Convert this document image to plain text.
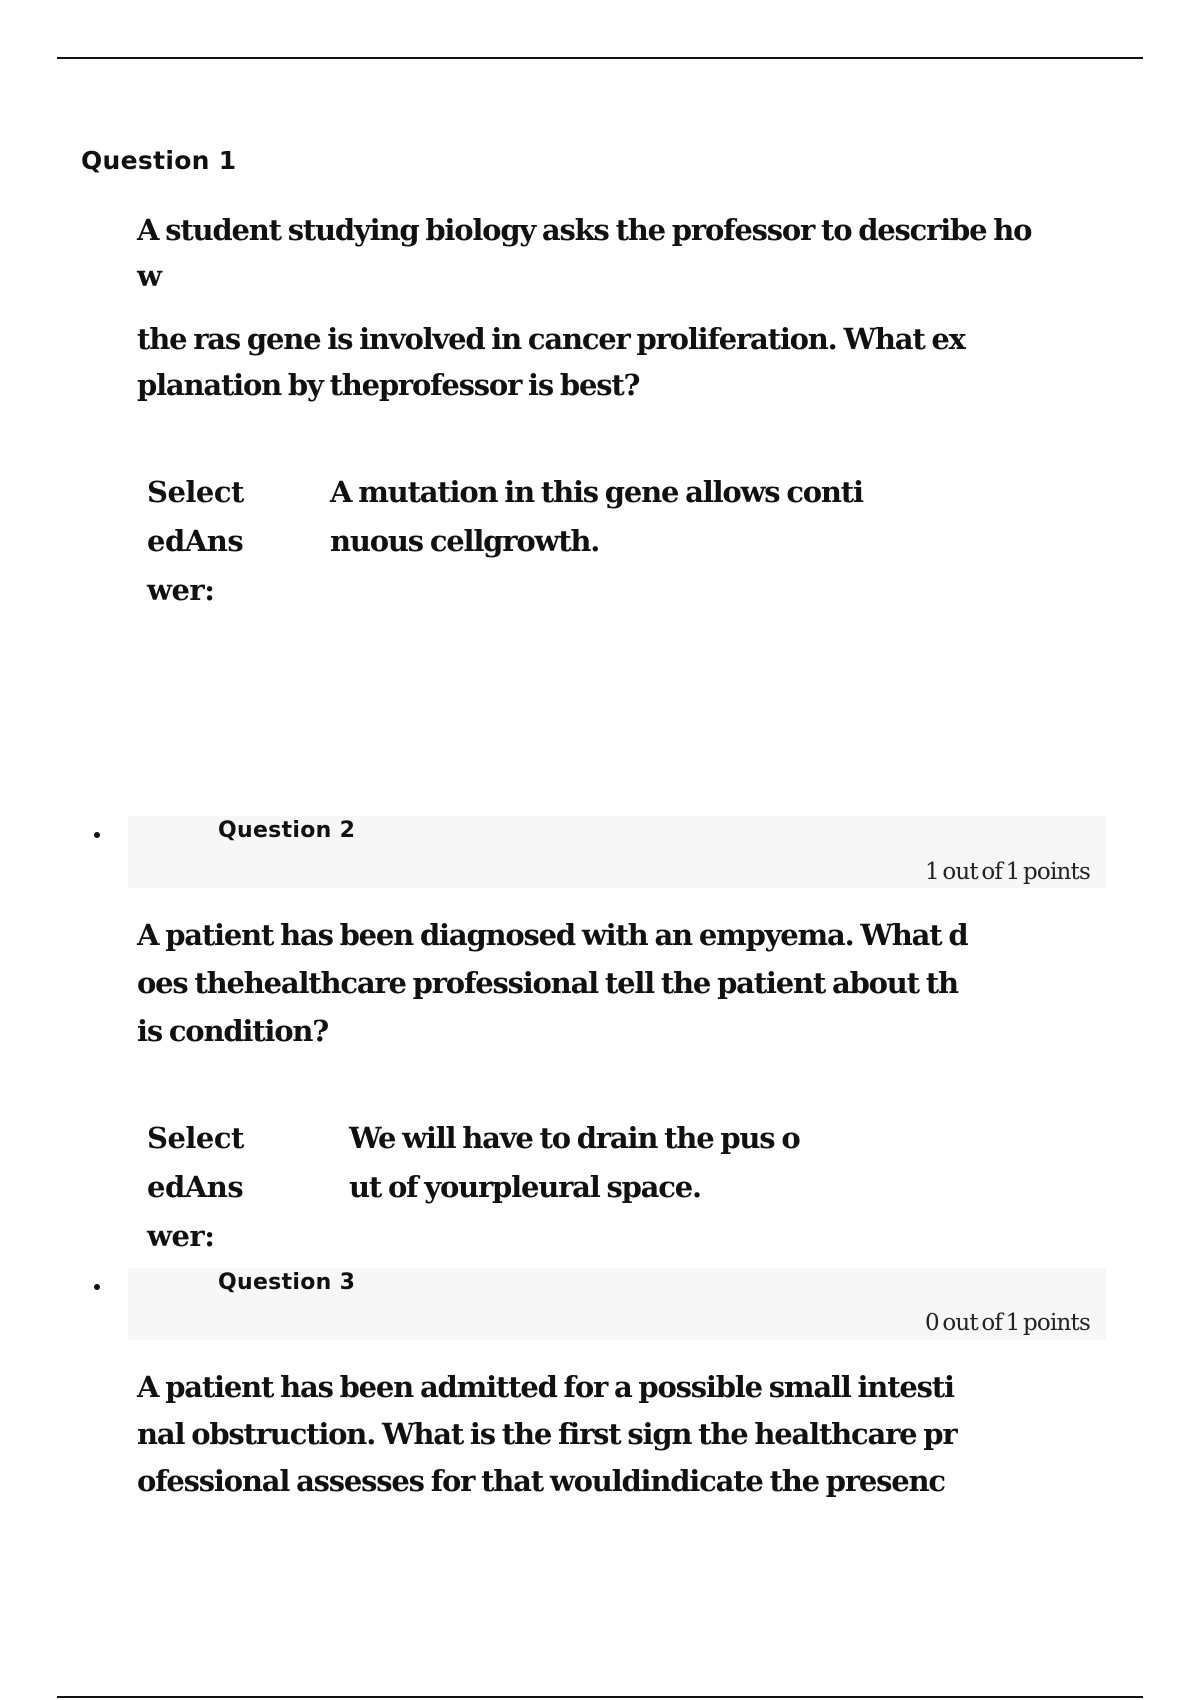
Question 1
A student studying biology asks the professor to describe ho
w
the ras gene is involved in cancer proliferation. What ex
planation by theprofessor is best?
Select
edAns
wer:
A mutation in this gene allows conti
nuous cellgrowth.
Question 2
1 out of 1 points
A patient has been diagnosed with an empyema. What d
oes thehealthcare professional tell the patient about th
is condition?
Select
edAns
wer:
We will have to drain the pus o
ut of yourpleural space.
Question 3
0 out of 1 points
A patient has been admitted for a possible small intesti
nal obstruction. What is the first sign the healthcare pr
ofessional assesses for that wouldindicate the presenc
